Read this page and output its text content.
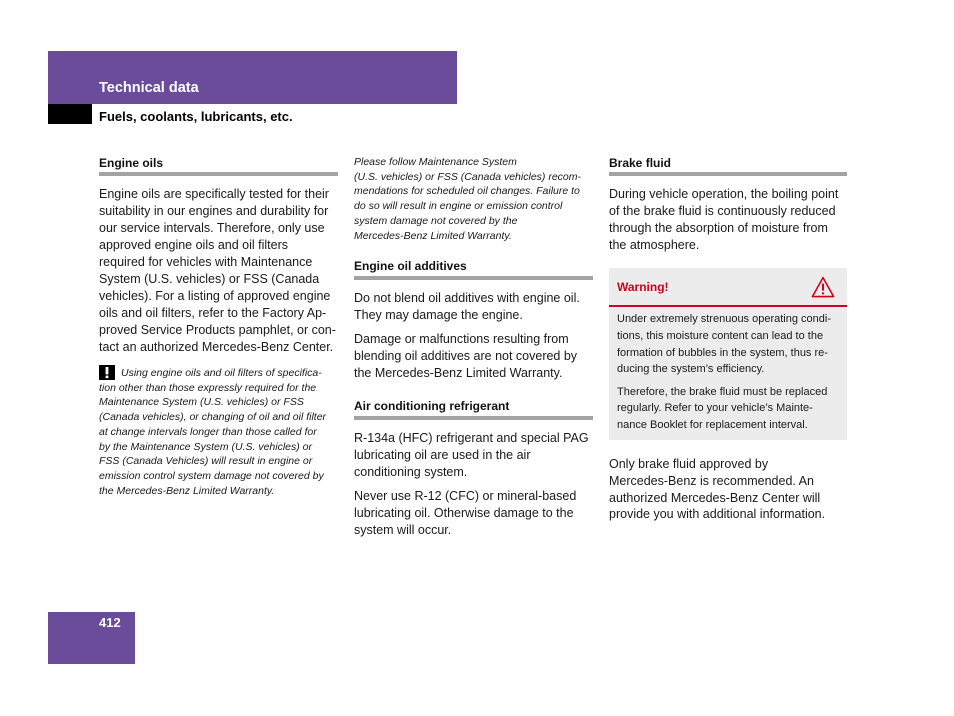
Technical data
Fuels, coolants, lubricants, etc.
Engine oils
Engine oils are specifically tested for their
suitability in our engines and durability for
our service intervals. Therefore, only use
approved engine oils and oil filters
required for vehicles with Maintenance
System (U.S. vehicles) or FSS (Canada
vehicles). For a listing of approved engine
oils and oil filters, refer to the Factory Ap-
proved Service Products pamphlet, or con-
tact an authorized Mercedes-Benz Center.
Using engine oils and oil filters of specifica-
tion other than those expressly required for the
Maintenance System (U.S. vehicles) or FSS
(Canada vehicles), or changing of oil and oil filter
at change intervals longer than those called for
by the Maintenance System (U.S. vehicles) or
FSS (Canada Vehicles) will result in engine or
emission control system damage not covered by
the Mercedes-Benz Limited Warranty.
Please follow Maintenance System
(U.S. vehicles) or FSS (Canada vehicles) recom-
mendations for scheduled oil changes. Failure to
do so will result in engine or emission control
system damage not covered by the
Mercedes-Benz Limited Warranty.
Engine oil additives
Do not blend oil additives with engine oil.
They may damage the engine.
Damage or malfunctions resulting from
blending oil additives are not covered by
the Mercedes-Benz Limited Warranty.
Air conditioning refrigerant
R-134a (HFC) refrigerant and special PAG
lubricating oil are used in the air
conditioning system.
Never use R-12 (CFC) or mineral-based
lubricating oil. Otherwise damage to the
system will occur.
Brake fluid
During vehicle operation, the boiling point
of the brake fluid is continuously reduced
through the absorption of moisture from
the atmosphere.
Warning!
Under extremely strenuous operating condi-
tions, this moisture content can lead to the
formation of bubbles in the system, thus re-
ducing the system’s efficiency.
Therefore, the brake fluid must be replaced
regularly. Refer to your vehicle’s Mainte-
nance Booklet for replacement interval.
Only brake fluid approved by
Mercedes-Benz is recommended. An
authorized Mercedes-Benz Center will
provide you with additional information.
412
